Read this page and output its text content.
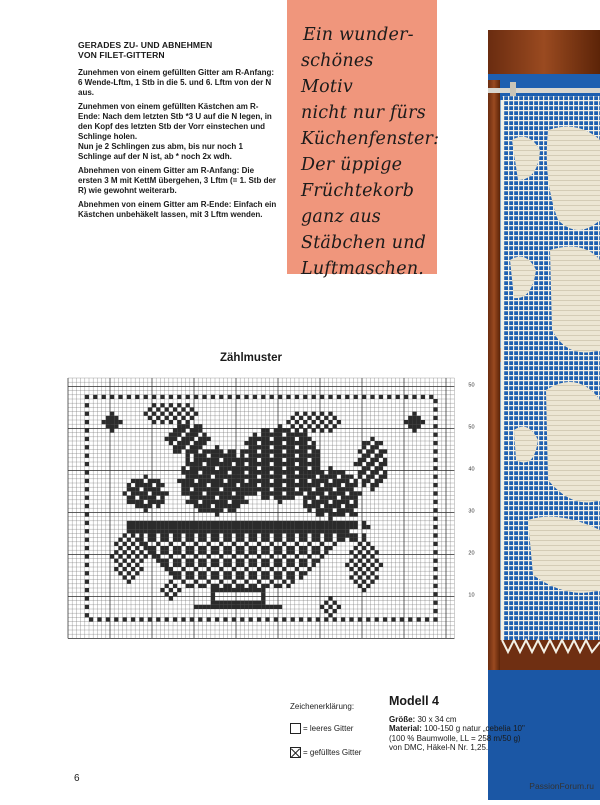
GERADES ZU- UND ABNEHMEN
VON FILET-GITTERN

Zunehmen von einem gefüllten Gitter am R-Anfang: 6 Wende-Lftm, 1 Stb in die 5. und 6. Lftm von der N aus.

Zunehmen von einem gefüllten Kästchen am R-Ende: Nach dem letzten Stb *3 U auf die N legen, in den Kopf des letzten Stb der Vorr einstechen und Schlinge holen.

Nun je 2 Schlingen zus abm, bis nur noch 1 Schlinge auf der N ist, ab * noch 2x wdh.

Abnehmen von einem Gitter am R-Anfang: Die ersten 3 M mit KettM übergehen, 3 Lftm (= 1. Stb der R) wie gewohnt weiterarb.

Abnehmen von einem Gitter am R-Ende: Einfach ein Kästchen unbehäkelt lassen, mit 3 Lftm wenden.

Ein wunder-
schönes Motiv
nicht nur fürs
Küchenfenster:
Der üppige
Früchtekorb
ganz aus
Stäbchen und
Luftmaschen.
Zählmuster
50
50
40
30
20
10
Zeichenerklärung:
= leeres Gitter
= gefülltes Gitter
Modell 4
Größe: 30 x 34 cm
Material: 100-150 g natur „cebelia 10"
(100 % Baumwolle, LL = 258 m/50 g)
von DMC, Häkel-N Nr. 1,25.
6
PassionForum.ru
